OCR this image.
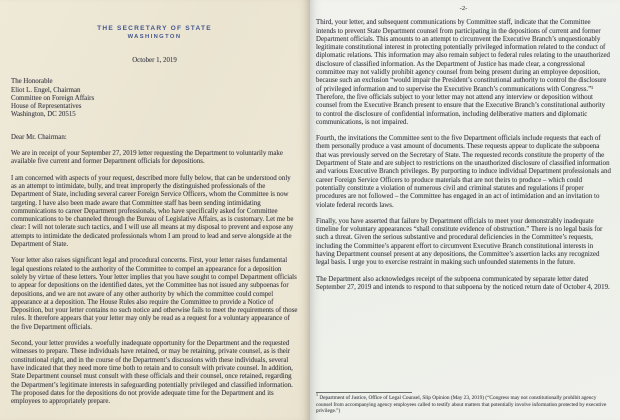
THE SECRETARY OF STATE
WASHINGTON
October 1, 2019
The Honorable
Eliot L. Engel, Chairman
Committee on Foreign Affairs
House of Representatives
Washington, DC 20515
Dear Mr. Chairman:

We are in receipt of your September 27, 2019 letter requesting the Department to voluntarily make available five current and former Department officials for depositions.

I am concerned with aspects of your request, described more fully below, that can be understood only as an attempt to intimidate, bully, and treat improperly the distinguished professionals of the Department of State, including several career Foreign Service Officers, whom the Committee is now targeting. I have also been made aware that Committee staff has been sending intimidating communications to career Department professionals, who have specifically asked for Committee communications to be channeled through the Bureau of Legislative Affairs, as is customary. Let me be clear: I will not tolerate such tactics, and I will use all means at my disposal to prevent and expose any attempts to intimidate the dedicated professionals whom I am proud to lead and serve alongside at the Department of State.

Your letter also raises significant legal and procedural concerns. First, your letter raises fundamental legal questions related to the authority of the Committee to compel an appearance for a deposition solely by virtue of these letters. Your letter implies that you have sought to compel Department officials to appear for depositions on the identified dates, yet the Committee has not issued any subpoenas for depositions, and we are not aware of any other authority by which the committee could compel appearance at a deposition. The House Rules also require the Committee to provide a Notice of Deposition, but your letter contains no such notice and otherwise fails to meet the requirements of those rules. It therefore appears that your letter may only be read as a request for a voluntary appearance of the five Department officials.

Second, your letter provides a woefully inadequate opportunity for the Department and the requested witnesses to prepare. These individuals have retained, or may be retaining, private counsel, as is their constitutional right, and in the course of the Department’s discussions with these individuals, several have indicated that they need more time both to retain and to consult with private counsel. In addition, State Department counsel must consult with these officials and their counsel, once retained, regarding the Department’s legitimate interests in safeguarding potentially privileged and classified information. The proposed dates for the depositions do not provide adequate time for the Department and its employees to appropriately prepare.

-2-

Third, your letter, and subsequent communications by Committee staff, indicate that the Committee intends to prevent State Department counsel from participating in the depositions of current and former Department officials. This amounts to an attempt to circumvent the Executive Branch’s unquestionably legitimate constitutional interest in protecting potentially privileged information related to the conduct of diplomatic relations. This information may also remain subject to federal rules relating to the unauthorized disclosure of classified information. As the Department of Justice has made clear, a congressional committee may not validly prohibit agency counsel from being present during an employee deposition, because such an exclusion “would impair the President’s constitutional authority to control the disclosure of privileged information and to supervise the Executive Branch’s communications with Congress.”¹ Therefore, the five officials subject to your letter may not attend any interview or deposition without counsel from the Executive Branch present to ensure that the Executive Branch’s constitutional authority to control the disclosure of confidential information, including deliberative matters and diplomatic communications, is not impaired.

Fourth, the invitations the Committee sent to the five Department officials include requests that each of them personally produce a vast amount of documents. These requests appear to duplicate the subpoena that was previously served on the Secretary of State. The requested records constitute the property of the Department of State and are subject to restrictions on the unauthorized disclosure of classified information and various Executive Branch privileges. By purporting to induce individual Department professionals and career Foreign Service Officers to produce materials that are not theirs to produce – which could potentially constitute a violation of numerous civil and criminal statutes and regulations if proper procedures are not followed – the Committee has engaged in an act of intimidation and an invitation to violate federal records laws.

Finally, you have asserted that failure by Department officials to meet your demonstrably inadequate timeline for voluntary appearances “shall constitute evidence of obstruction.” There is no legal basis for such a threat. Given the serious substantive and procedural deficiencies in the Committee’s requests, including the Committee’s apparent effort to circumvent Executive Branch constitutional interests in having Department counsel present at any depositions, the Committee’s assertion lacks any recognized legal basis. I urge you to exercise restraint in making such unfounded statements in the future.

The Department also acknowledges receipt of the subpoena communicated by separate letter dated September 27, 2019 and intends to respond to that subpoena by the noticed return date of October 4, 2019.

$^1$ Department of Justice, Office of Legal Counsel, Slip Opinion (May 23, 2019) (“Congress may not constitutionally prohibit agency counsel from accompanying agency employees called to testify about matters that potentially involve information protected by executive privilege.”)
